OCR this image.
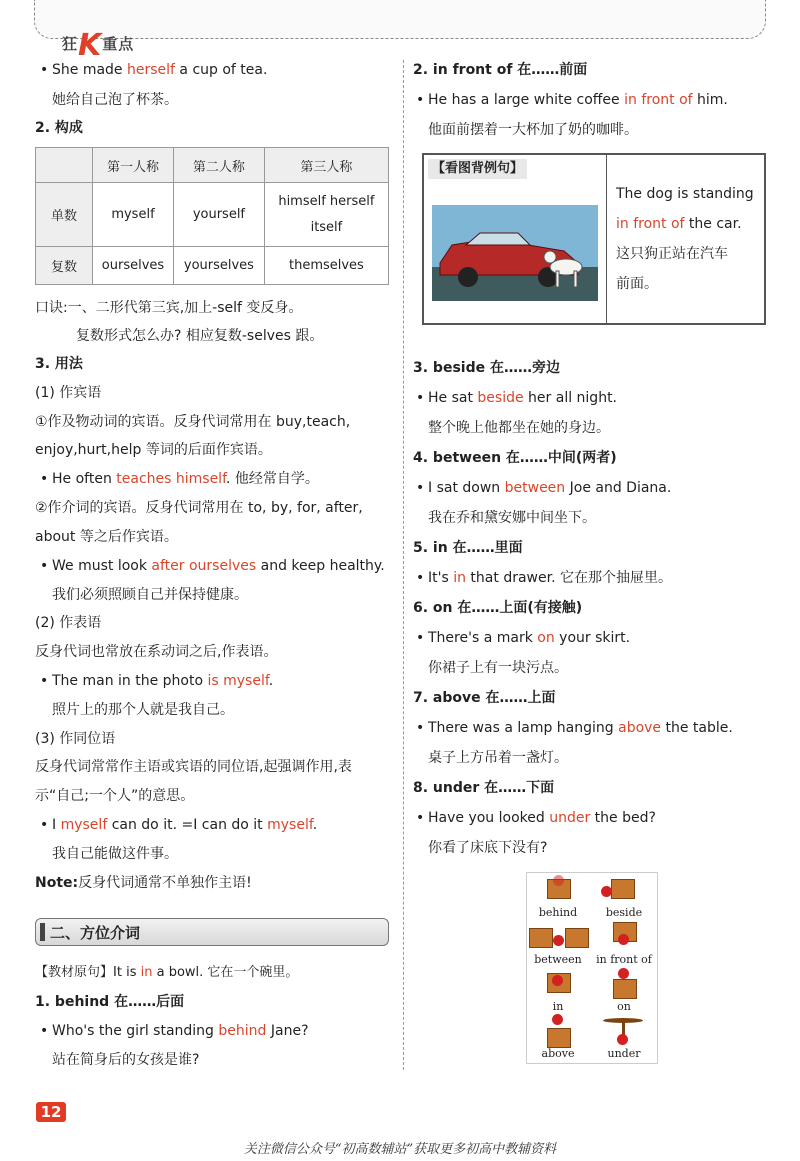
狂K重点
• She made herself a cup of tea.
她给自己泡了杯茶。
2. 构成
	第一人称	第二人称	第三人称
单数	myself	yourself	himself herself
itself

复数	ourselves	yourselves	themselves
口诀:一、二形代第三宾,加上-self 变反身。
复数形式怎么办? 相应复数-selves 跟。
3. 用法
(1) 作宾语
①作及物动词的宾语。反身代词常用在 buy,teach,
enjoy,hurt,help 等词的后面作宾语。
• He often teaches himself. 他经常自学。
②作介词的宾语。反身代词常用在 to, by, for, after,
about 等之后作宾语。
• We must look after ourselves and keep healthy.
我们必须照顾自己并保持健康。
(2) 作表语
反身代词也常放在系动词之后,作表语。
• The man in the photo is myself.
照片上的那个人就是我自己。
(3) 作同位语
反身代词常常作主语或宾语的同位语,起强调作用,表
示“自己;一个人”的意思。
• I myself can do it. =I can do it myself.
我自己能做这件事。
Note:反身代词通常不单独作主语!
二、方位介词
【教材原句】It is in a bowl. 它在一个碗里。
1. behind 在……后面
• Who's the girl standing behind Jane?
站在简身后的女孩是谁?
2. in front of 在……前面
• He has a large white coffee in front of him.
他面前摆着一大杯加了奶的咖啡。
【看图背例句】
The dog is standing
in front of the car.
这只狗正站在汽车
前面。
3. beside 在……旁边
• He sat beside her all night.
整个晚上他都坐在她的身边。
4. between 在……中间(两者)
• I sat down between Joe and Diana.
我在乔和黛安娜中间坐下。
5. in 在……里面
• It's in that drawer. 它在那个抽屉里。
6. on 在……上面(有接触)
• There's a mark on your skirt.
你裙子上有一块污点。
7. above 在……上面
• There was a lamp hanging above the table.
桌子上方吊着一盏灯。
8. under 在……下面
• Have you looked under the bed?
你看了床底下没有?
behind	beside
between	in front of
in	on
above	under
12
关注微信公众号“初高数辅站”获取更多初高中教辅资料
